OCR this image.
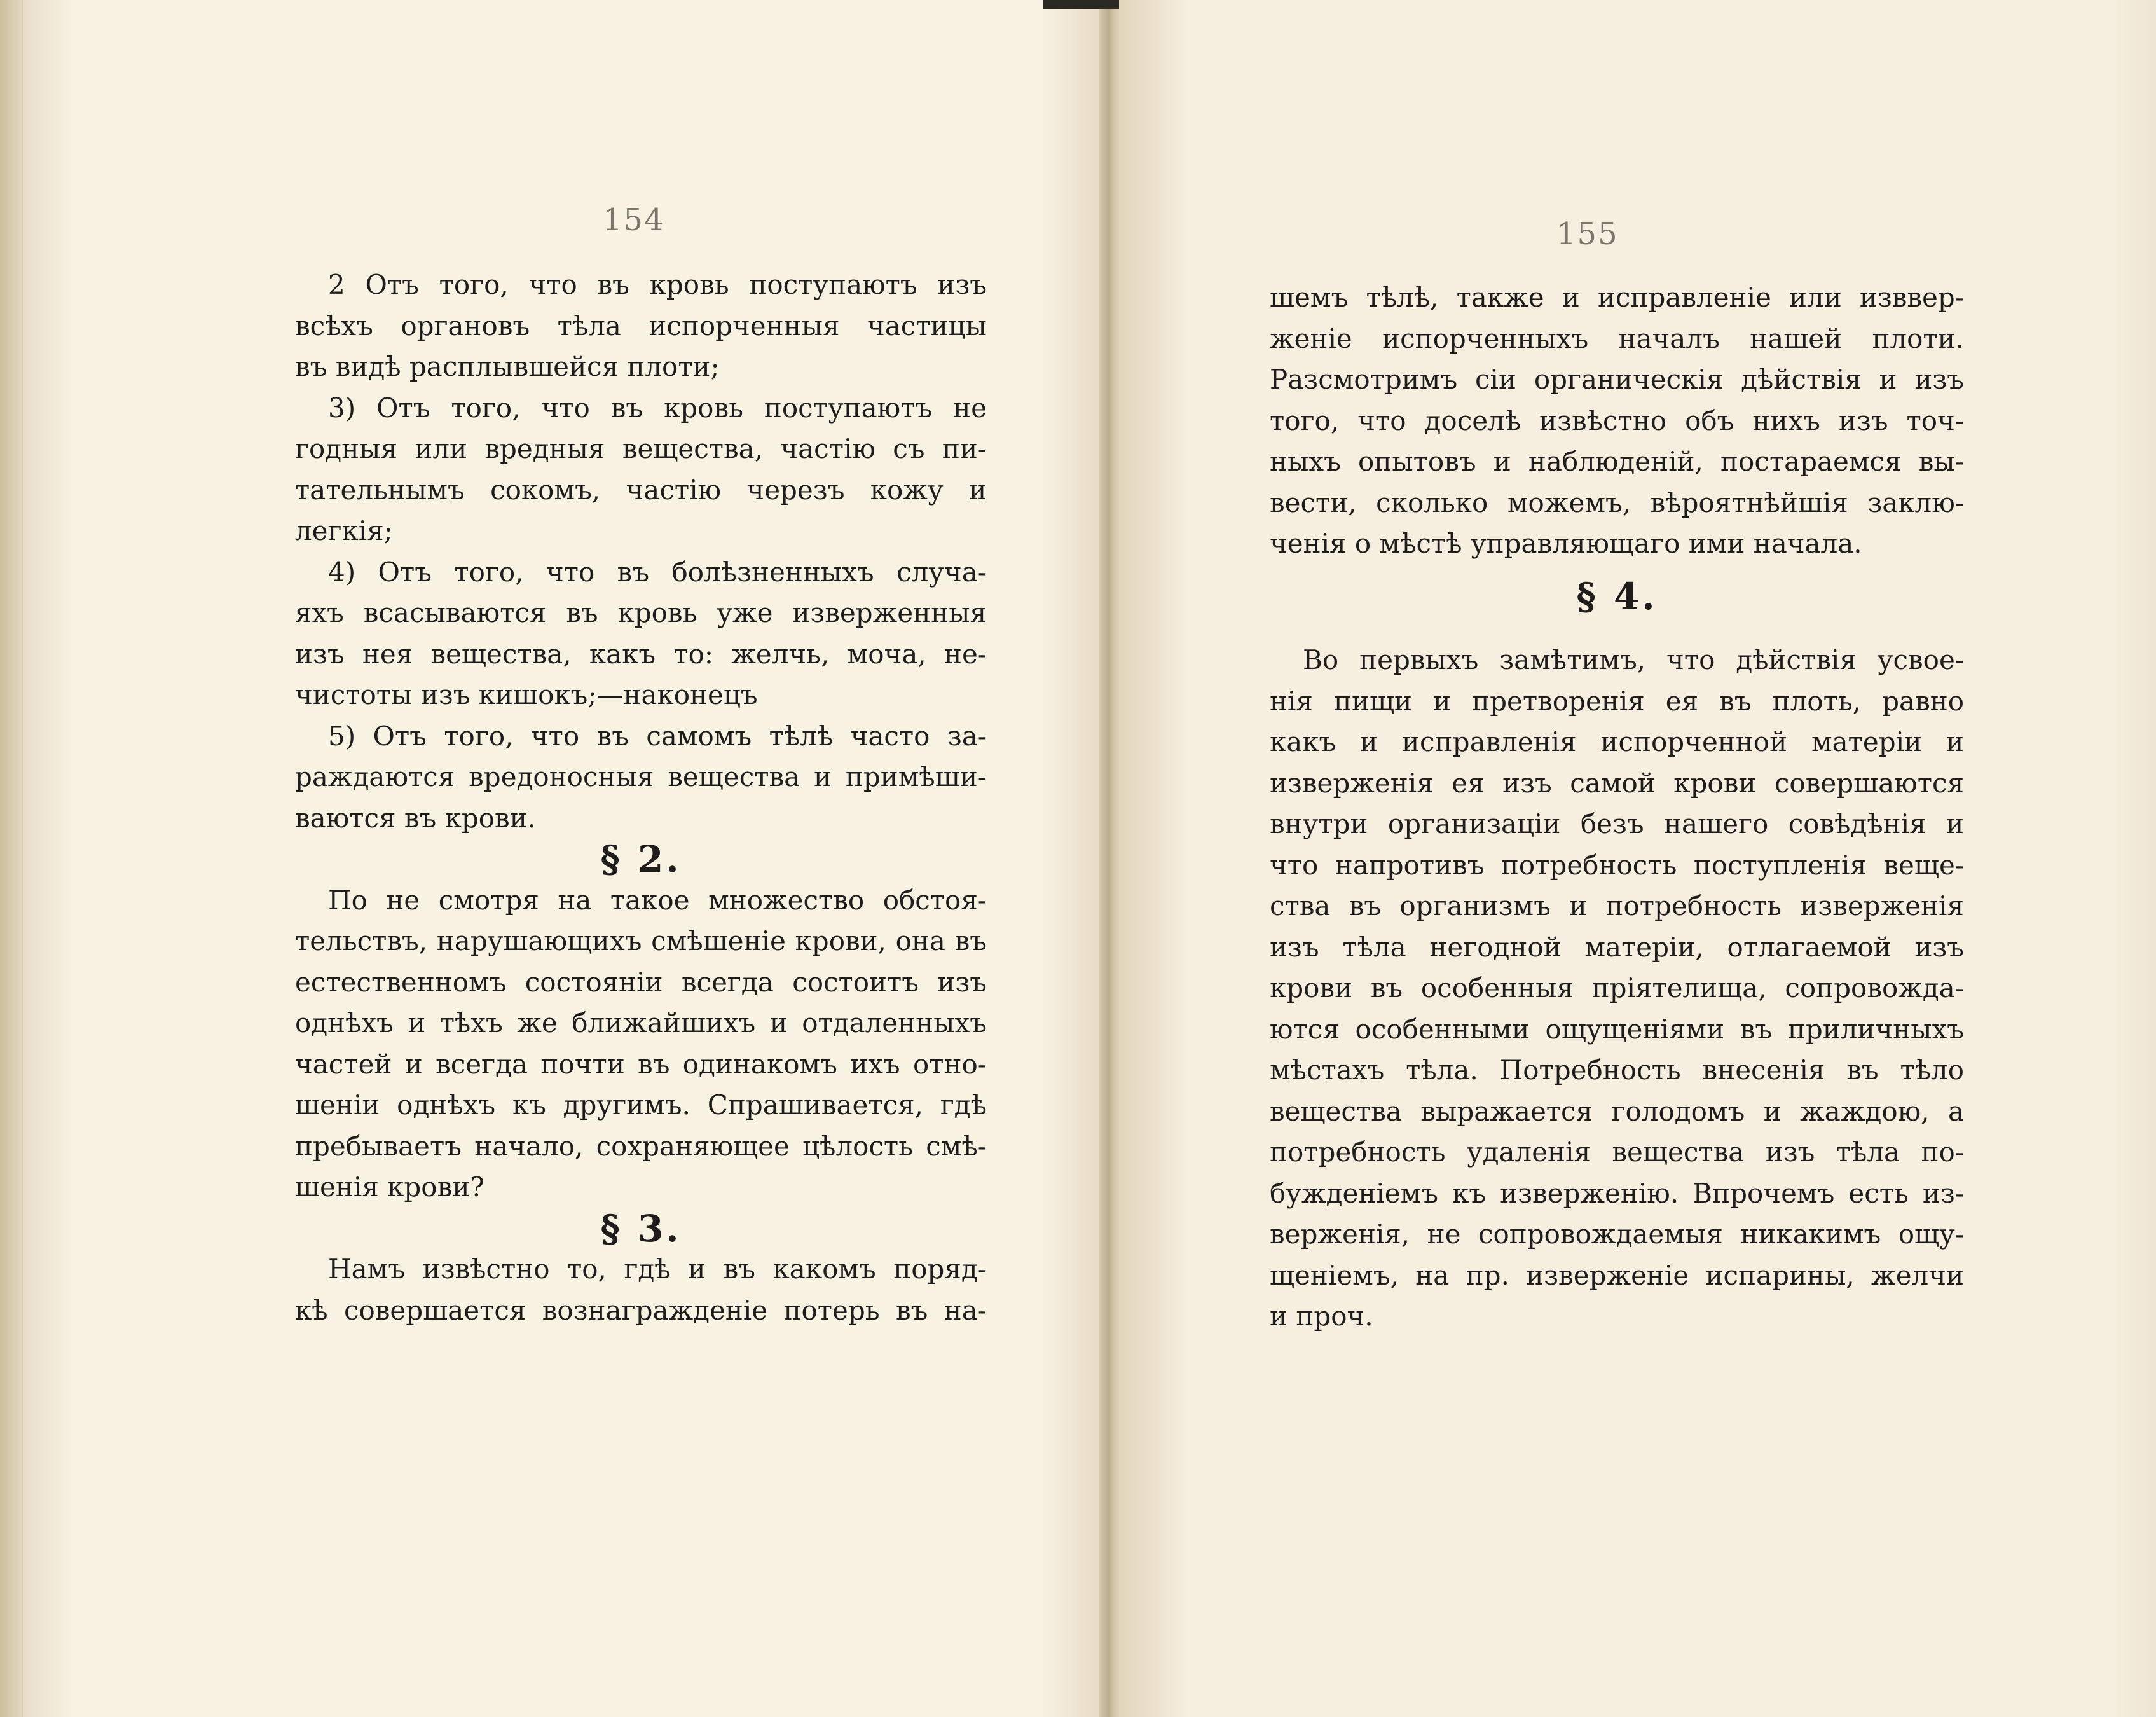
154
2 Отъ того, что въ кровь поступаютъ изъ
всѣхъ органовъ тѣла испорченныя частицы
въ видѣ расплывшейся плоти;
3) Отъ того, что въ кровь поступаютъ не
годныя или вредныя вещества, частію съ пи-
тательнымъ сокомъ, частію черезъ кожу и
легкія;
4) Отъ того, что въ болѣзненныхъ случа-
яхъ всасываются въ кровь уже изверженныя
изъ нея вещества, какъ то: желчь, моча, не-
чистоты изъ кишокъ;—наконецъ
5) Отъ того, что въ самомъ тѣлѣ часто за-
раждаются вредоносныя вещества и примѣши-
ваются въ крови.
§ 2.
По не смотря на такое множество обстоя-
тельствъ, нарушающихъ смѣшеніе крови, она въ
естественномъ состояніи всегда состоитъ изъ
однѣхъ и тѣхъ же ближайшихъ и отдаленныхъ
частей и всегда почти въ одинакомъ ихъ отно-
шеніи однѣхъ къ другимъ. Спрашивается, гдѣ
пребываетъ начало, сохраняющее цѣлость смѣ-
шенія крови?
§ 3.
Намъ извѣстно то, гдѣ и въ какомъ поряд-
кѣ совершается вознагражденіе потерь въ на-
155
шемъ тѣлѣ, также и исправленіе или изввер-
женіе испорченныхъ началъ нашей плоти.
Разсмотримъ сіи органическія дѣйствія и изъ
того, что доселѣ извѣстно объ нихъ изъ точ-
ныхъ опытовъ и наблюденій, постараемся вы-
вести, сколько можемъ, вѣроятнѣйшія заклю-
ченія о мѣстѣ управляющаго ими начала.
§ 4.
Во первыхъ замѣтимъ, что дѣйствія усвое-
нія пищи и претворенія ея въ плоть, равно
какъ и исправленія испорченной матеріи и
изверженія ея изъ самой крови совершаются
внутри организаціи безъ нашего совѣдѣнія и
что напротивъ потребность поступленія веще-
ства въ организмъ и потребность изверженія
изъ тѣла негодной матеріи, отлагаемой изъ
крови въ особенныя пріятелища, сопровожда-
ются особенными ощущеніями въ приличныхъ
мѣстахъ тѣла. Потребность внесенія въ тѣло
вещества выражается голодомъ и жаждою, а
потребность удаленія вещества изъ тѣла по-
бужденіемъ къ изверженію. Впрочемъ есть из-
верженія, не сопровождаемыя никакимъ ощу-
щеніемъ, на пр. изверженіе испарины, желчи
и проч.
